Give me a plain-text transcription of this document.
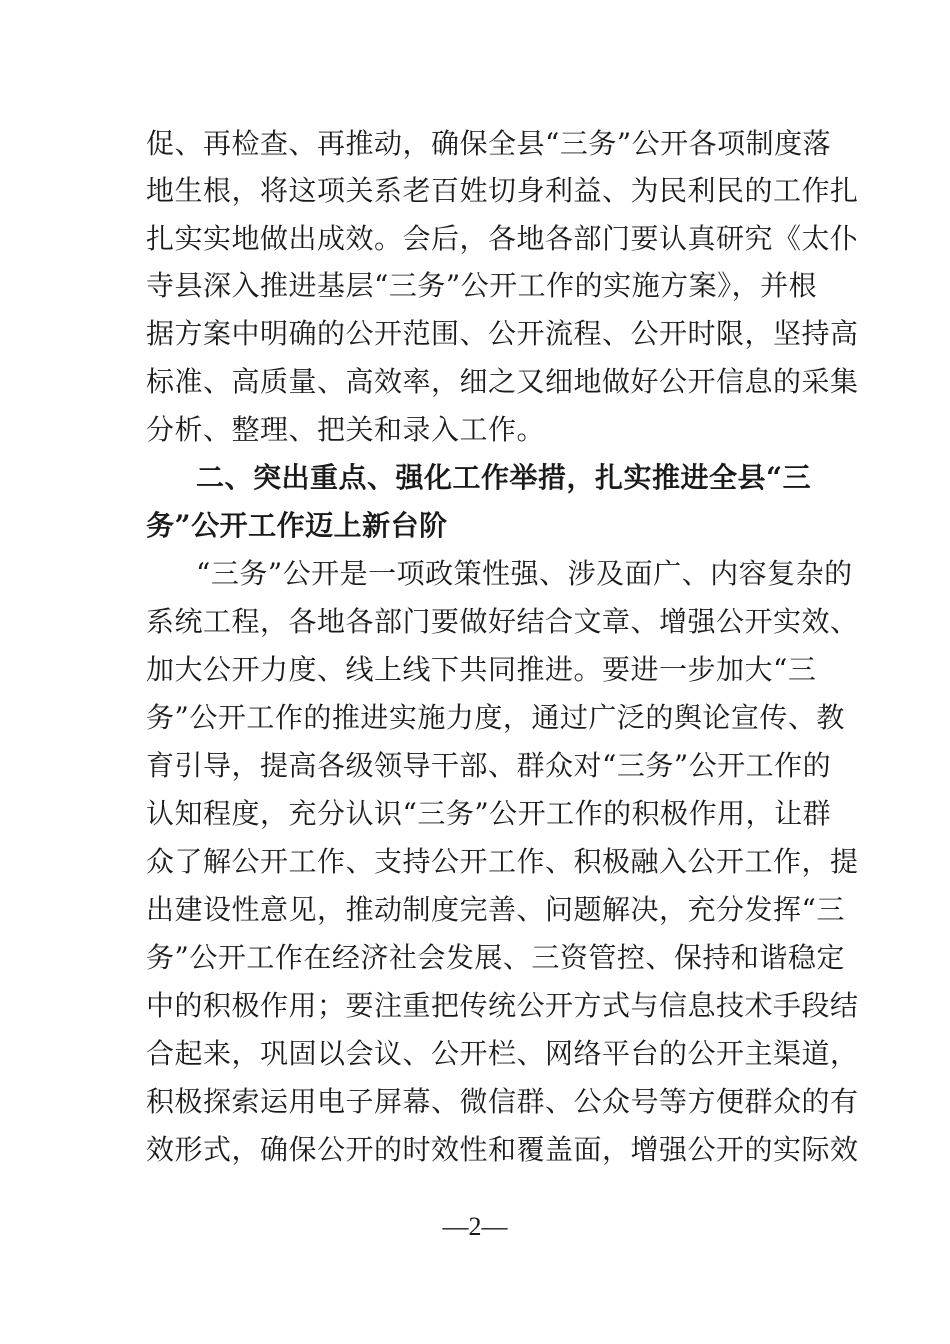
促、再检查、再推动，确保全县“三务”公开各项制度落
地生根，将这项关系老百姓切身利益、为民利民的工作扎
扎实实地做出成效。会后，各地各部门要认真研究《太仆
寺县深入推进基层“三务”公开工作的实施方案》，并根
据方案中明确的公开范围、公开流程、公开时限，坚持高
标准、高质量、高效率，细之又细地做好公开信息的采集
分析、整理、把关和录入工作。
二、突出重点、强化工作举措，扎实推进全县“三
务”公开工作迈上新台阶
“三务”公开是一项政策性强、涉及面广、内容复杂的
系统工程，各地各部门要做好结合文章、增强公开实效、
加大公开力度、线上线下共同推进。要进一步加大“三
务”公开工作的推进实施力度，通过广泛的舆论宣传、教
育引导，提高各级领导干部、群众对“三务”公开工作的
认知程度，充分认识“三务”公开工作的积极作用，让群
众了解公开工作、支持公开工作、积极融入公开工作，提
出建设性意见，推动制度完善、问题解决，充分发挥“三
务”公开工作在经济社会发展、三资管控、保持和谐稳定
中的积极作用；要注重把传统公开方式与信息技术手段结
合起来，巩固以会议、公开栏、网络平台的公开主渠道，
积极探索运用电子屏幕、微信群、公众号等方便群众的有
效形式，确保公开的时效性和覆盖面，增强公开的实际效
—2—
